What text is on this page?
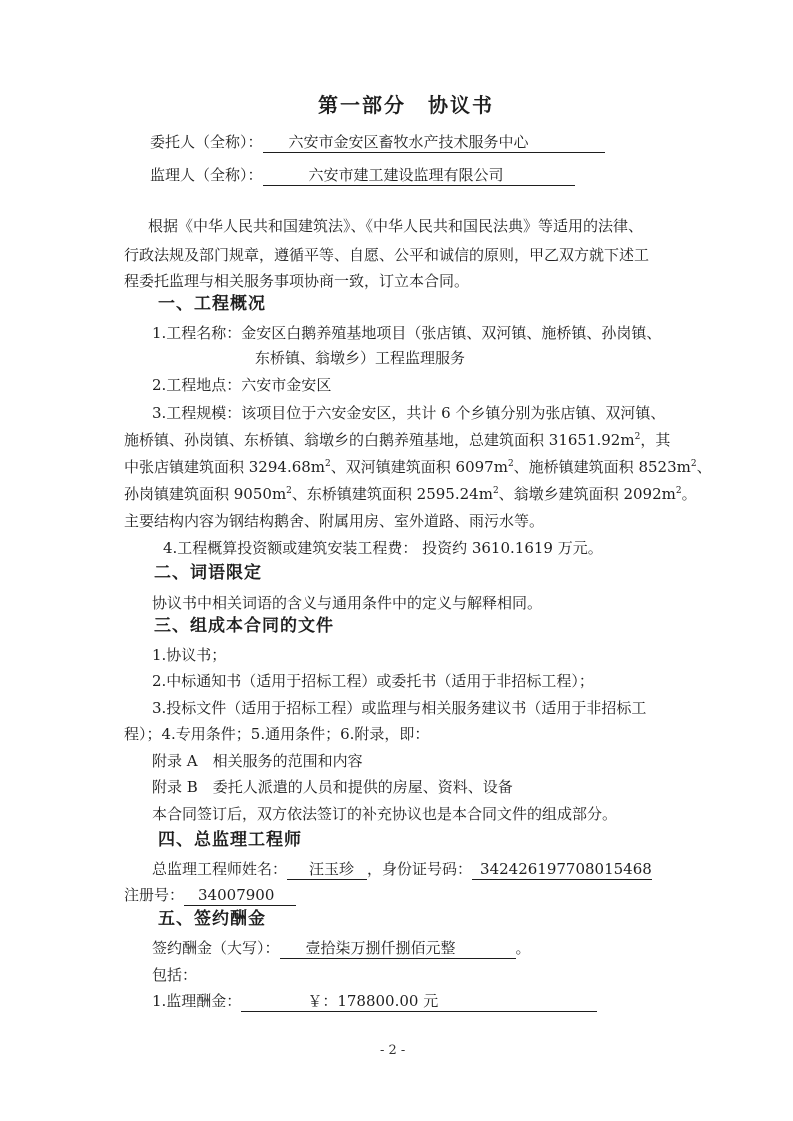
第一部分　协议书
委托人（全称）： 六安市金安区畜牧水产技术服务中心
监理人（全称）：	六安市建工建设监理有限公司
根据《中华人民共和国建筑法》、《中华人民共和国民法典》等适用的法律、
行政法规及部门规章，遵循平等、自愿、公平和诚信的原则，甲乙双方就下述工
程委托监理与相关服务事项协商一致，订立本合同。
一、工程概况
1.工程名称：金安区白鹅养殖基地项目（张店镇、双河镇、施桥镇、孙岗镇、
东桥镇、翁墩乡）工程监理服务
2.工程地点：六安市金安区
3.工程规模：该项目位于六安金安区，共计 6 个乡镇分别为张店镇、双河镇、
施桥镇、孙岗镇、东桥镇、翁墩乡的白鹅养殖基地，总建筑面积 $31651.92m^2$，其
中张店镇建筑面积 $3294.68m^2$、双河镇建筑面积 $6097m^2$、施桥镇建筑面积 $8523m^2$、
孙岗镇建筑面积 $9050m^2$、东桥镇建筑面积 $2595.24m^2$、翁墩乡建筑面积 $2092m^2$。
主要结构内容为钢结构鹅舍、附属用房、室外道路、雨污水等。
4.工程概算投资额或建筑安装工程费： 投资约 3610.1619 万元。
二、词语限定
协议书中相关词语的含义与通用条件中的定义与解释相同。
三、组成本合同的文件
1.协议书；
2.中标通知书（适用于招标工程）或委托书（适用于非招标工程）；
3.投标文件（适用于招标工程）或监理与相关服务建议书（适用于非招标工
程）；4.专用条件；5.通用条件；6.附录，即：
附录 A　相关服务的范围和内容
附录 B　委托人派遣的人员和提供的房屋、资料、设备
本合同签订后，双方依法签订的补充协议也是本合同文件的组成部分。
四、总监理工程师
总监理工程师姓名： 汪玉珍 ，身份证号码： 342426197708015468
注册号： 34007900
五、签约酬金
签约酬金（大写）： 壹拾柒万捌仟捌佰元整	。
包括：
1.监理酬金：	￥：178800.00 元
- 2 -
